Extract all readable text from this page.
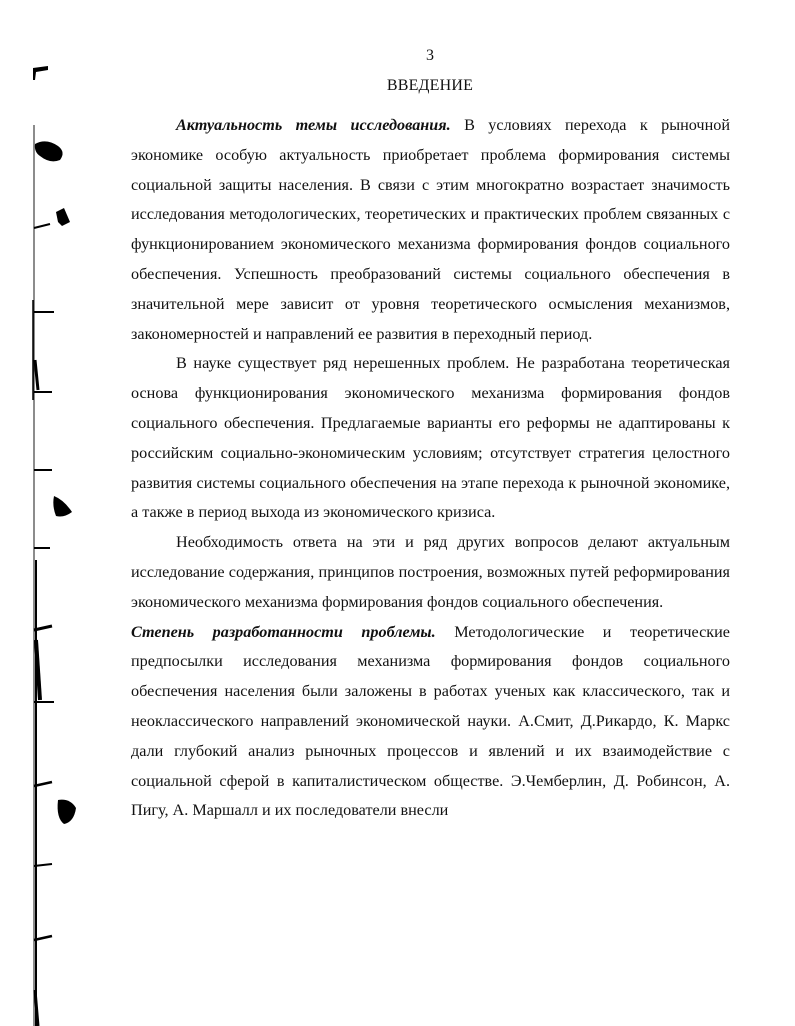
3
ВВЕДЕНИЕ

Актуальность темы исследования. В условиях перехода к рыночной экономике особую актуальность приобретает проблема формирования системы социальной защиты населения. В связи с этим многократно возрастает значимость исследования методологических, теоретических и практических проблем связанных с функционированием экономического механизма формирования фондов социального обеспечения. Успешность преобразований системы социального обеспечения в значительной мере зависит от уровня теоретического осмысления механизмов, закономерностей и направлений ее развития в переходный период.

В науке существует ряд нерешенных проблем. Не разработана теоретическая основа функционирования экономического механизма формирования фондов социального обеспечения. Предлагаемые варианты его реформы не адаптированы к российским социально-экономическим условиям; отсутствует стратегия целостного развития системы социального обеспечения на этапе перехода к рыночной экономике, а также в период выхода из экономического кризиса.

Необходимость ответа на эти и ряд других вопросов делают актуальным исследование содержания, принципов построения, возможных путей реформирования экономического механизма формирования фондов социального обеспечения.

Степень разработанности проблемы. Методологические и теоретические предпосылки исследования механизма формирования фондов социального обеспечения населения были заложены в работах ученых как классического, так и неоклассического направлений экономической науки. А.Смит, Д.Рикардо, К. Маркс дали глубокий анализ рыночных процессов и явлений и их взаимодействие с социальной сферой в капиталистическом обществе. Э.Чемберлин, Д. Робинсон, А. Пигу, А. Маршалл и их последователи внесли
